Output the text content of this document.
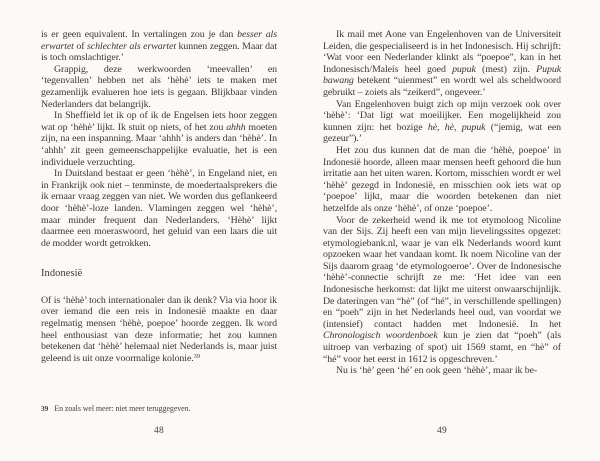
is er geen equivalent. In vertalingen zou je dan besser als erwartet of schlechter als erwartet kunnen zeggen. Maar dat is toch omslachtiger.’

Grappig, deze werkwoorden ‘meevallen’ en ‘tegenvallen’ hebben net als ‘hèhè’ iets te maken met gezamenlijk evalueren hoe iets is gegaan. Blijkbaar vinden Nederlanders dat belangrijk.

In Sheffield let ik op of ik de Engelsen iets hoor zeggen wat op ‘hèhè’ lijkt. Ik stuit op niets, of het zou ahhh moeten zijn, na een inspanning. Maar ‘ahhh’ is anders dan ‘hèhè’. In ‘ahhh’ zit geen gemeenschappelijke evaluatie, het is een individuele verzuchting.

In Duitsland bestaat er geen ‘hèhè’, in Engeland niet, en in Frankrijk ook niet – tenminste, de moedertaalsprekers die ik ernaar vraag zeggen van niet. We worden dus geflankeerd door ‘hèhè’-loze landen. Vlamingen zeggen wel ‘hèhè’, maar minder frequent dan Nederlanders. ‘Hèhè’ lijkt daarmee een moeraswoord, het geluid van een laars die uit de modder wordt getrokken.

Indonesië

Of is ‘hèhè’ toch internationaler dan ik denk? Via via hoor ik over iemand die een reis in Indonesië maakte en daar regelmatig mensen ‘hèhè, poepoe’ hoorde zeggen. Ik word heel enthousiast van deze informatie; het zou kunnen betekenen dat ‘hèhè’ helemaal niet Nederlands is, maar juist geleend is uit onze voormalige kolonie.$^{39}$

39 En zoals wel meer: niet meer teruggegeven.
48

Ik mail met Aone van Engelenhoven van de Universiteit Leiden, die gespecialiseerd is in het Indonesisch. Hij schrijft: ‘Wat voor een Nederlander klinkt als “poepoe”, kan in het Indonesisch/Maleis heel goed pupuk (mest) zijn. Pupuk bawang betekent “uienmest” en wordt wel als scheldwoord gebruikt – zoiets als “zeikerd”, ongeveer.’

Van Engelenhoven buigt zich op mijn verzoek ook over ‘hèhè’: ‘Dat ligt wat moeilijker. Een mogelijkheid zou kunnen zijn: het bozige hè, hè, pupuk (“jemig, wat een gezeur”).’

Het zou dus kunnen dat de man die ‘hèhè, poepoe’ in Indonesië hoorde, alleen maar mensen heeft gehoord die hun irritatie aan het uiten waren. Kortom, misschien wordt er wel ‘hèhè’ gezegd in Indonesië, en misschien ook iets wat op ‘poepoe’ lijkt, maar die woorden betekenen dan niet hetzelfde als onze ‘hèhè’, of onze ‘poepoe’.

Voor de zekerheid wend ik me tot etymoloog Nicoline van der Sijs. Zij heeft een van mijn lievelingssites opgezet: etymologiebank.nl, waar je van elk Nederlands woord kunt opzoeken waar het vandaan komt. Ik noem Nicoline van der Sijs daarom graag ‘de etymologoeroe’. Over de Indonesische ‘hèhè’-connectie schrijft ze me: ‘Het idee van een Indonesische herkomst: dat lijkt me uiterst onwaarschijnlijk. De dateringen van “hè” (of “hé”, in verschillende spellingen) en “poeh” zijn in het Nederlands heel oud, van voordat we (intensief) contact hadden met Indonesië. In het Chronologisch woordenboek kun je zien dat “poeh” (als uitroep van verbazing of spot) uit 1569 stamt, en “hè” of “hé” voor het eerst in 1612 is opgeschreven.’

Nu is ‘hè’ geen ‘hé’ en ook geen ‘hèhè’, maar ik be-

49
